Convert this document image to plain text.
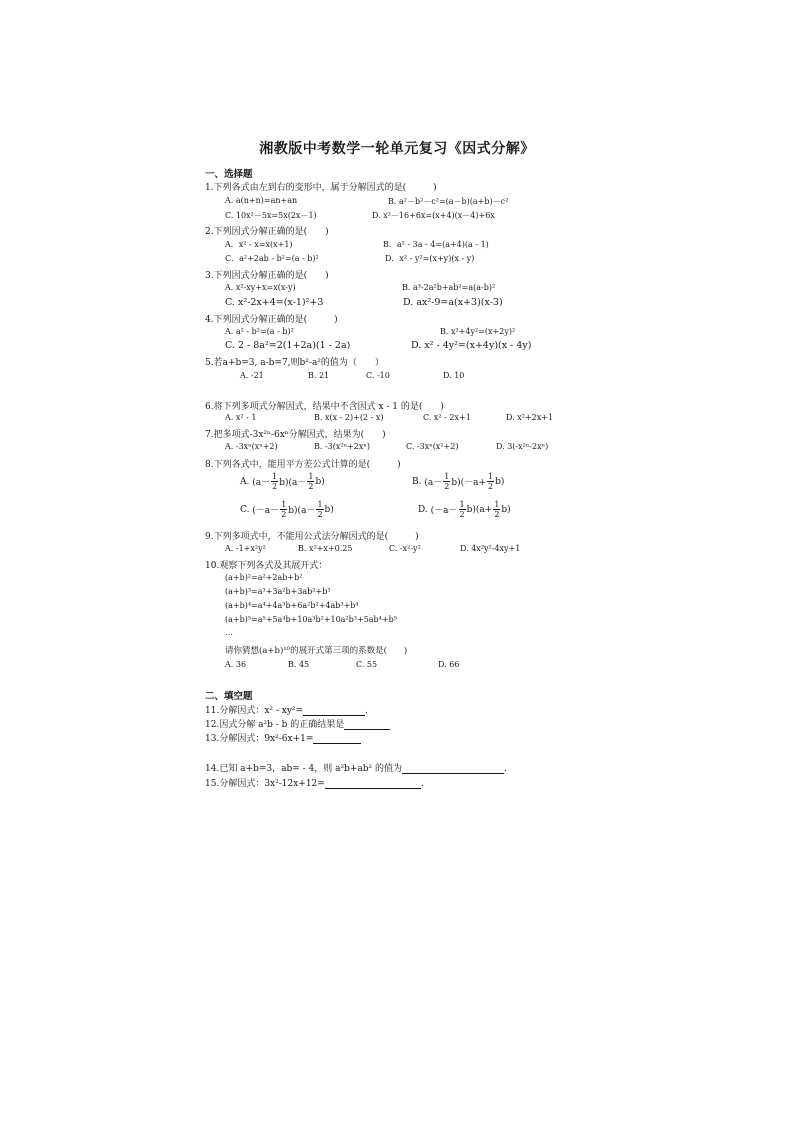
湘教版中考数学一轮单元复习《因式分解》
一、选择题
1.下列各式由左到右的变形中，属于分解因式的是(　　　)
A. a(n+n)=an+an	B. a²－b²－c²=(a－b)(a+b)－c²
C. 10x²－5x=5x(2x－1)	D. x²－16+6x=(x+4)(x－4)+6x
2.下列因式分解正确的是(　　)
A．x² - x=x(x+1)	B．a² - 3a - 4=(a+4)(a - 1)
C．a²+2ab - b²=(a - b)²	D．x² - y²=(x+y)(x - y)
3.下列因式分解正确的是(　　)
A. x²-xy+x=x(x-y)	B. a³-2a²b+ab²=a(a-b)²
C. x²-2x+4=(x-1)²+3	D. ax²-9=a(x+3)(x-3)
4.下列因式分解正确的是(　　　)
A. a² - b²=(a - b)²	B. x²+4y²=(x+2y)²
C. 2 - 8a²=2(1+2a)(1 - 2a)	D. x² - 4y²=(x+4y)(x - 4y)
5.若a+b=3, a-b=7,则b²-a²的值为（　　）
A. -21	B. 21	C. -10	D. 10
6.将下列多项式分解因式，结果中不含因式 x - 1 的是(　　)
A. x² - 1	B. x(x - 2)+(2 - x)	C. x² - 2x+1	D. x²+2x+1
7.把多项式-3x²ⁿ-6xⁿ分解因式，结果为(　　)
A. -3xⁿ(xⁿ+2)	B. -3(x²ⁿ+2xⁿ)	C. -3xⁿ(x²+2)	D. 3(-x²ⁿ-2xⁿ)
8.下列各式中，能用平方差公式计算的是(　　　)
A. $(a- \frac{1}{2} b)(a- \frac{1}{2} b)$	B. $(a- \frac{1}{2} b)(-a+ \frac{1}{2} b)$
C. $(-a- \frac{1}{2} b)(a- \frac{1}{2} b)$	D. $(-a- \frac{1}{2} b)(a+ \frac{1}{2} b)$
9.下列多项式中，不能用公式法分解因式的是(　　　)
A. -1+x²y²	B. x²+x+0.25	C. -x²-y²	D. 4x²y²-4xy+1
10.观察下列各式及其展开式：
(a+b)²=a²+2ab+b²
(a+b)³=a³+3a²b+3ab²+b³
(a+b)⁴=a⁴+4a³b+6a²b²+4ab³+b⁴
(a+b)⁵=a⁵+5a⁴b+10a³b²+10a²b³+5ab⁴+b⁵
…
请你猜想(a+b)¹⁰的展开式第三项的系数是(　　)
A. 36	B. 45	C. 55	D. 66
二、填空题
11.分解因式：x² - xy²=	.
12.因式分解 a²b - b 的正确结果是
13.分解因式：9x²-6x+1=
14.已知 a+b=3，ab= - 4，则 a²b+ab² 的值为	.
15.分解因式：3x²-12x+12=	.
